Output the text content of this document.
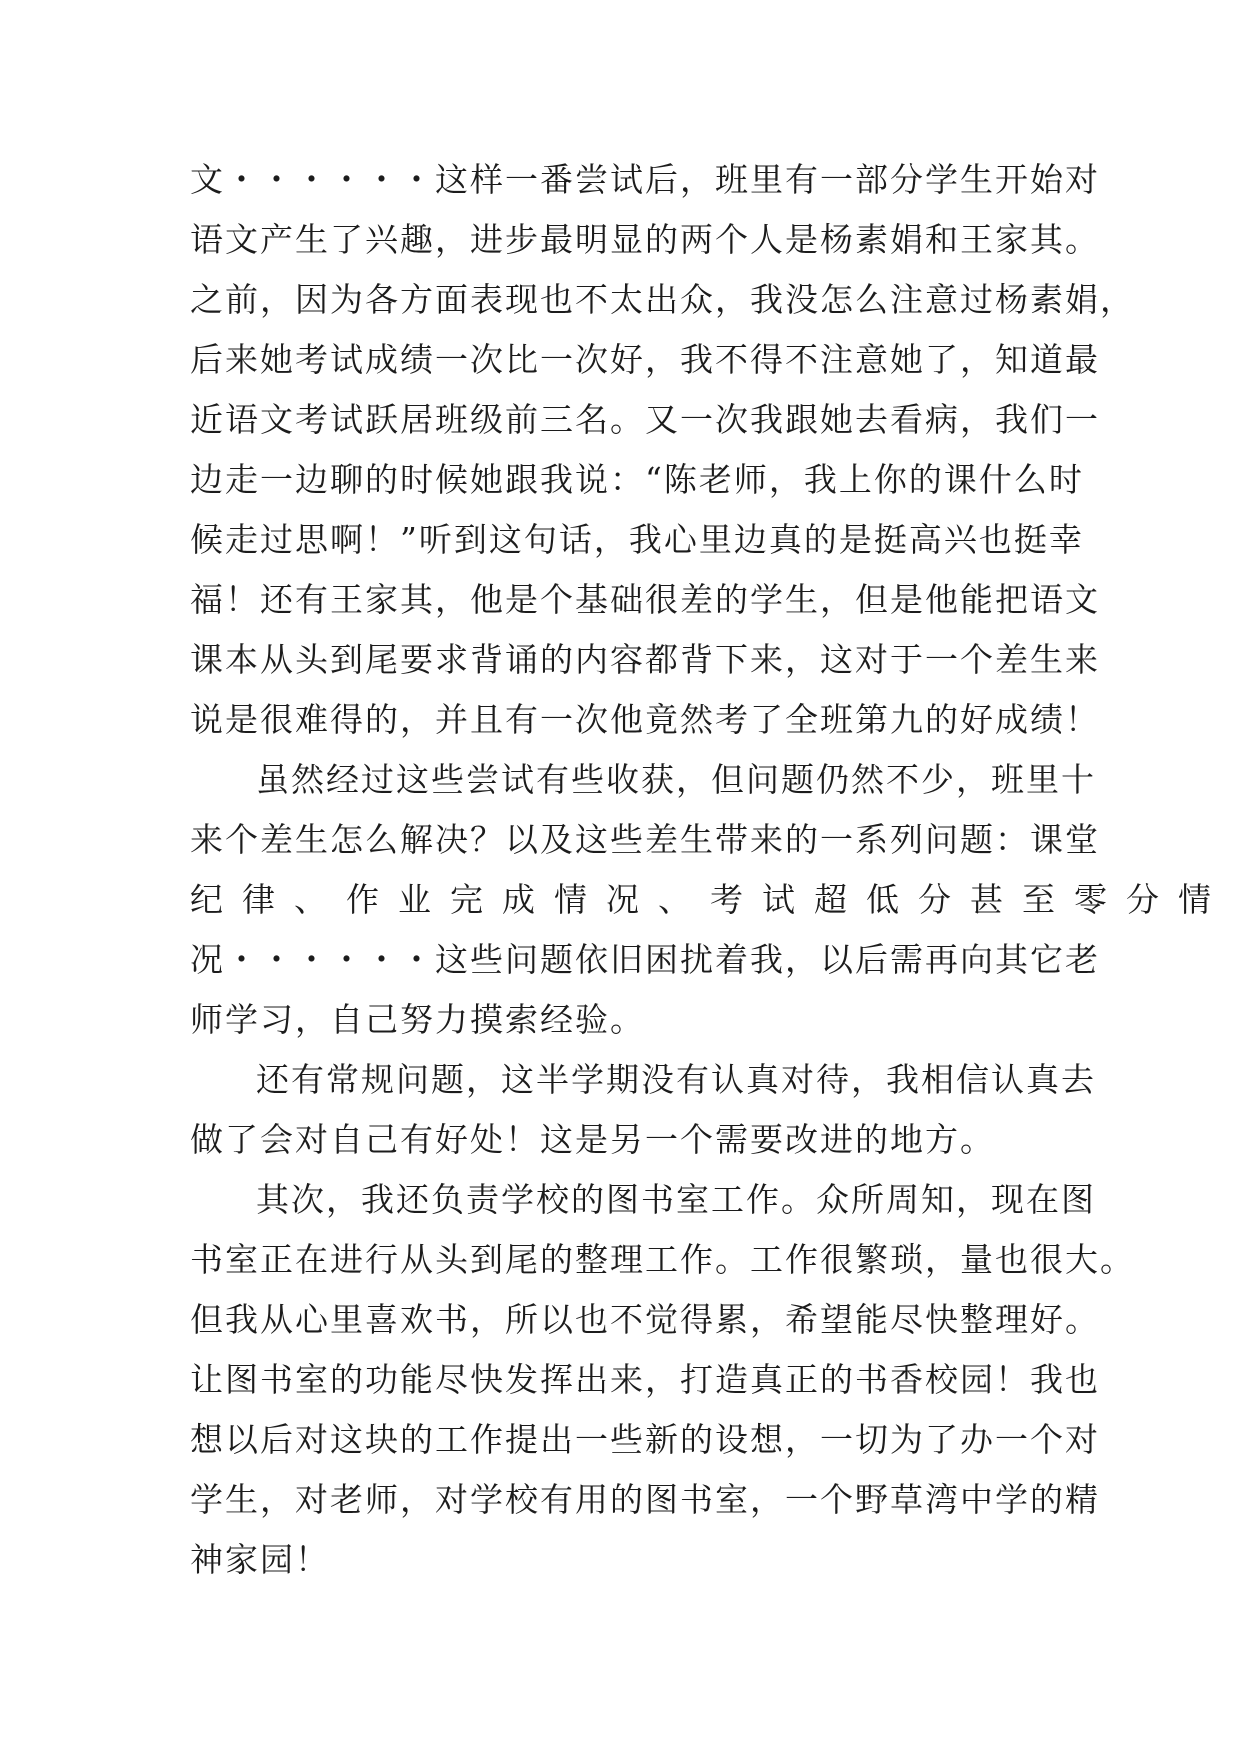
文・・・・・・这样一番尝试后，班里有一部分学生开始对
语文产生了兴趣，进步最明显的两个人是杨素娟和王家其。
之前，因为各方面表现也不太出众，我没怎么注意过杨素娟，
后来她考试成绩一次比一次好，我不得不注意她了，知道最
近语文考试跃居班级前三名。又一次我跟她去看病，我们一
边走一边聊的时候她跟我说：“陈老师，我上你的课什么时
候走过思啊！”听到这句话，我心里边真的是挺高兴也挺幸
福！还有王家其，他是个基础很差的学生，但是他能把语文
课本从头到尾要求背诵的内容都背下来，这对于一个差生来
说是很难得的，并且有一次他竟然考了全班第九的好成绩！
虽然经过这些尝试有些收获，但问题仍然不少，班里十
来个差生怎么解决？以及这些差生带来的一系列问题：课堂
纪律、作业完成情况、考试超低分甚至零分情
况・・・・・・这些问题依旧困扰着我，以后需再向其它老
师学习，自己努力摸索经验。
还有常规问题，这半学期没有认真对待，我相信认真去
做了会对自己有好处！这是另一个需要改进的地方。
其次，我还负责学校的图书室工作。众所周知，现在图
书室正在进行从头到尾的整理工作。工作很繁琐，量也很大。
但我从心里喜欢书，所以也不觉得累，希望能尽快整理好。
让图书室的功能尽快发挥出来，打造真正的书香校园！我也
想以后对这块的工作提出一些新的设想，一切为了办一个对
学生，对老师，对学校有用的图书室，一个野草湾中学的精
神家园！
